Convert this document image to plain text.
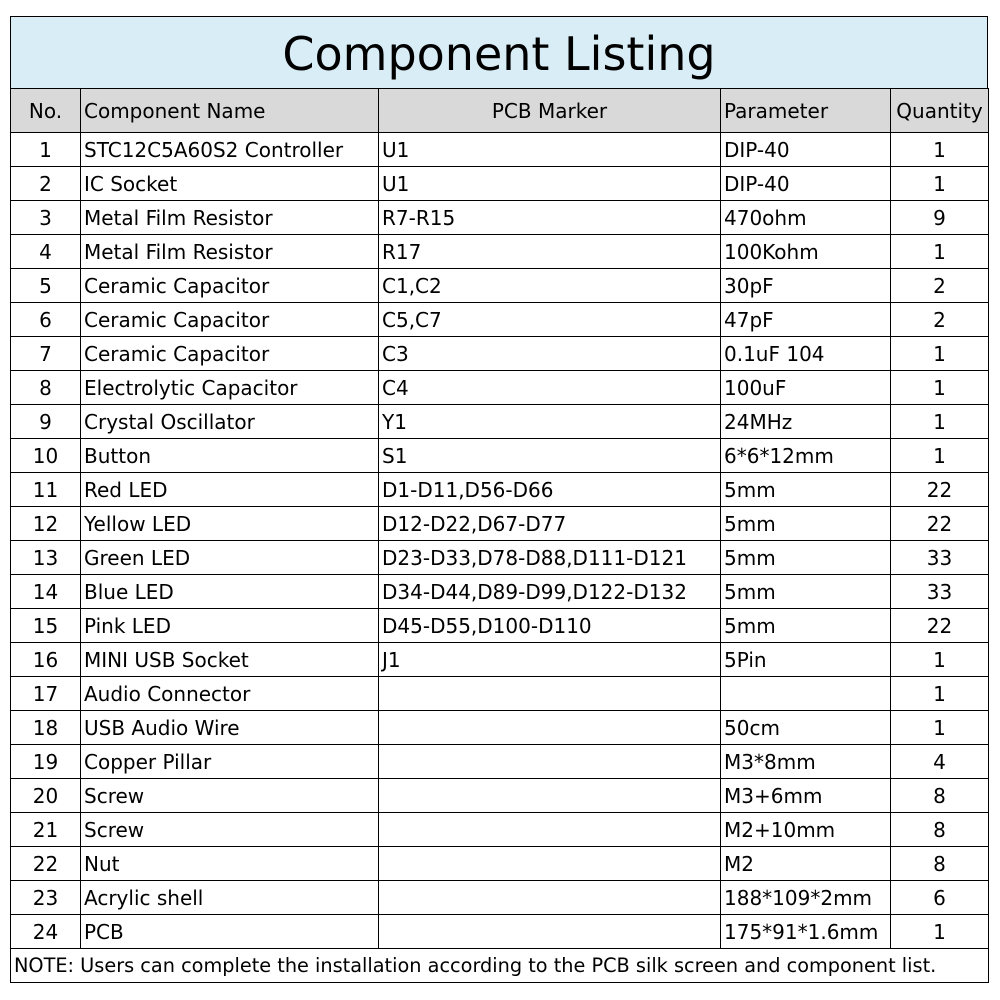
Component Listing
No.	Component Name	PCB Marker	Parameter	Quantity
1	STC12C5A60S2 Controller	U1	DIP-40	1
2	IC Socket	U1	DIP-40	1
3	Metal Film Resistor	R7-R15	470ohm	9
4	Metal Film Resistor	R17	100Kohm	1
5	Ceramic Capacitor	C1,C2	30pF	2
6	Ceramic Capacitor	C5,C7	47pF	2
7	Ceramic Capacitor	C3	0.1uF 104	1
8	Electrolytic Capacitor	C4	100uF	1
9	Crystal Oscillator	Y1	24MHz	1
10	Button	S1	6*6*12mm	1
11	Red LED	D1-D11,D56-D66	5mm	22
12	Yellow LED	D12-D22,D67-D77	5mm	22
13	Green LED	D23-D33,D78-D88,D111-D121	5mm	33
14	Blue LED	D34-D44,D89-D99,D122-D132	5mm	33
15	Pink LED	D45-D55,D100-D110	5mm	22
16	MINI USB Socket	J1	5Pin	1
17	Audio Connector			1
18	USB Audio Wire		50cm	1
19	Copper Pillar		M3*8mm	4
20	Screw		M3+6mm	8
21	Screw		M2+10mm	8
22	Nut		M2	8
23	Acrylic shell		188*109*2mm	6
24	PCB		175*91*1.6mm	1
NOTE: Users can complete the installation according to the PCB silk screen and component list.				
